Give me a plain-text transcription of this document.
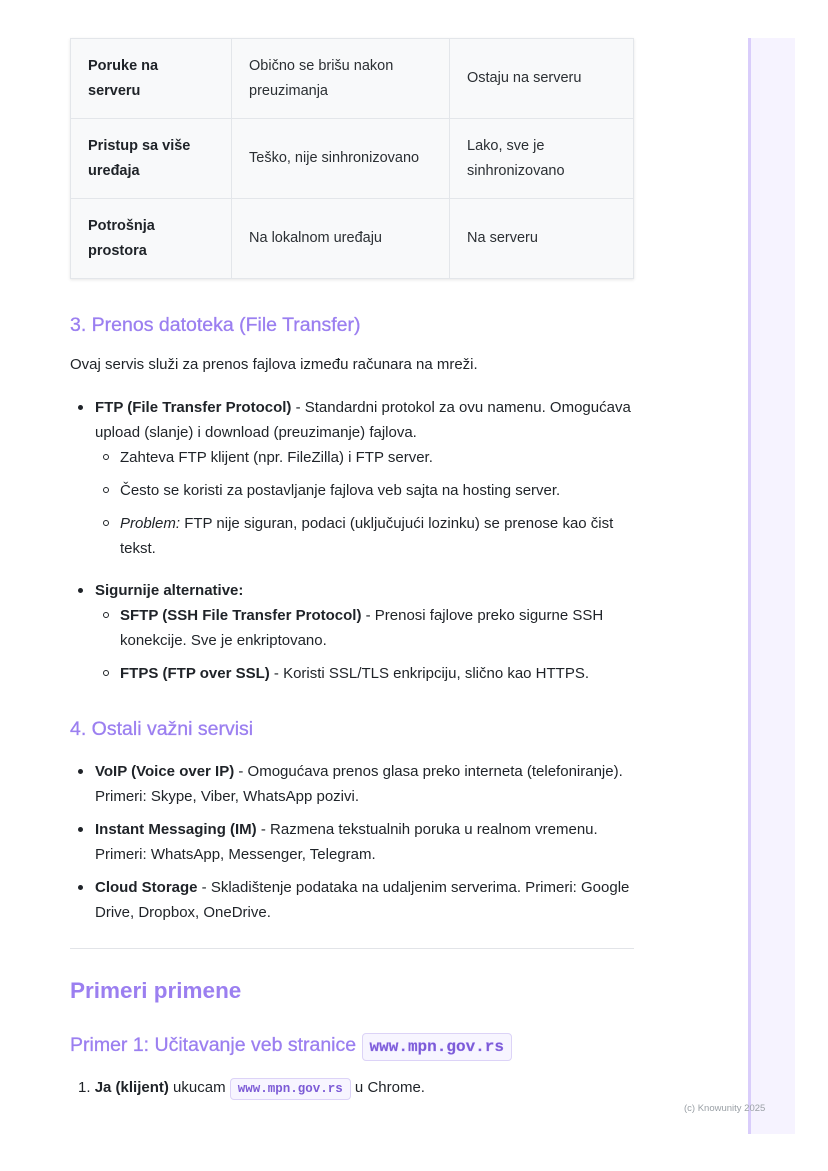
Poruke na serveru	Obično se brišu nakon preuzimanja	Ostaju na serveru
Pristup sa više uređaja	Teško, nije sinhronizovano	Lako, sve je sinhronizovano
Potrošnja prostora	Na lokalnom uređaju	Na serveru
3. Prenos datoteka (File Transfer)

Ovaj servis služi za prenos fajlova između računara na mreži.

FTP (File Transfer Protocol) - Standardni protokol za ovu namenu. Omogućava upload (slanje) i download (preuzimanje) fajlova.
Zahteva FTP klijent (npr. FileZilla) i FTP server.
Često se koristi za postavljanje fajlova veb sajta na hosting server.
Problem: FTP nije siguran, podaci (uključujući lozinku) se prenose kao čist tekst.
Sigurnije alternative:
SFTP (SSH File Transfer Protocol) - Prenosi fajlove preko sigurne SSH konekcije. Sve je enkriptovano.
FTPS (FTP over SSL) - Koristi SSL/TLS enkripciju, slično kao HTTPS.
4. Ostali važni servisi
VoIP (Voice over IP) - Omogućava prenos glasa preko interneta (telefoniranje). Primeri: Skype, Viber, WhatsApp pozivi.
Instant Messaging (IM) - Razmena tekstualnih poruka u realnom vremenu. Primeri: WhatsApp, Messenger, Telegram.
Cloud Storage - Skladištenje podataka na udaljenim serverima. Primeri: Google Drive, Dropbox, OneDrive.
Primeri primene
Primer 1: Učitavanje veb stranice www.mpn.gov.rs
1. Ja (klijent) ukucam www.mpn.gov.rs u Chrome.
(c) Knowunity 2025
